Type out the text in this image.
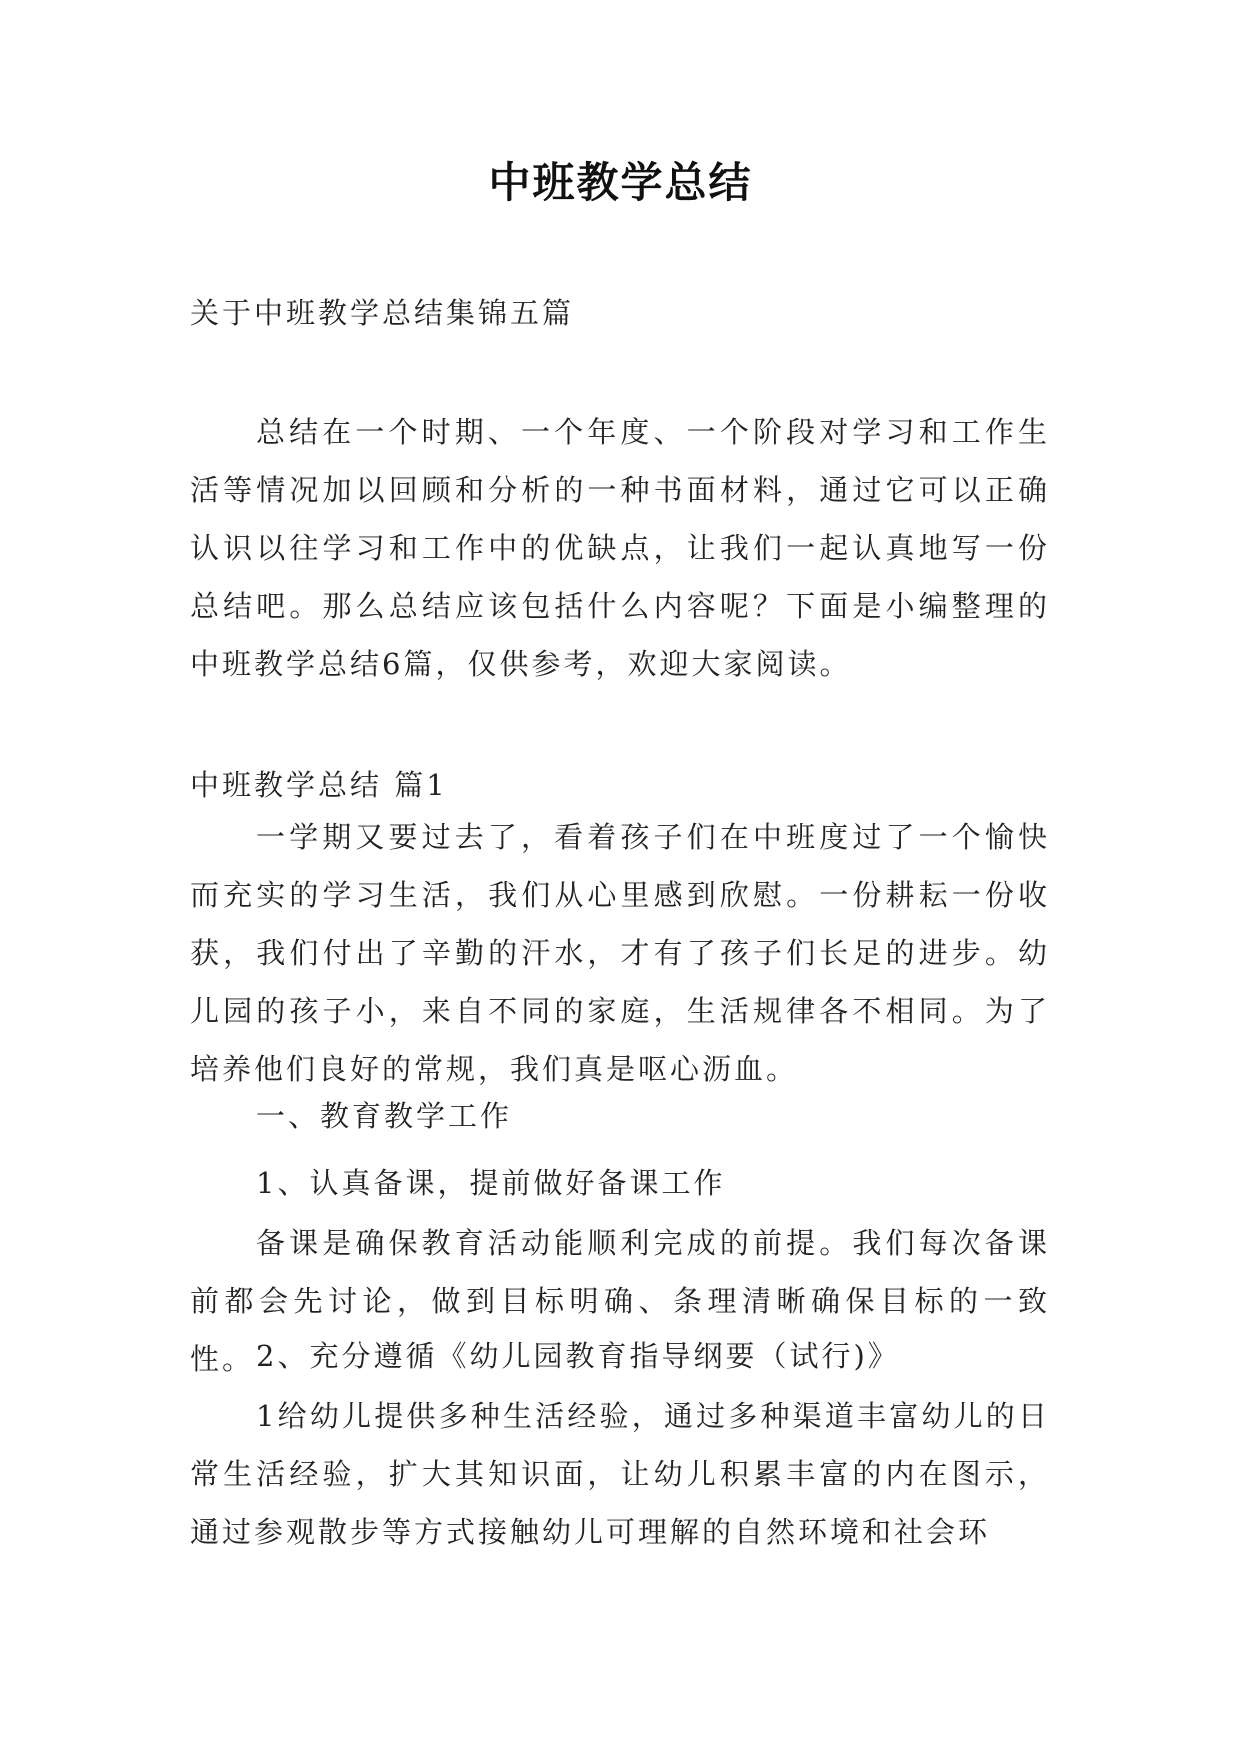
中班教学总结

关于中班教学总结集锦五篇

总结在一个时期、一个年度、一个阶段对学习和工作生活等情况加以回顾和分析的一种书面材料，通过它可以正确认识以往学习和工作中的优缺点，让我们一起认真地写一份总结吧。那么总结应该包括什么内容呢？下面是小编整理的中班教学总结6篇，仅供参考，欢迎大家阅读。

中班教学总结 篇1

一学期又要过去了，看着孩子们在中班度过了一个愉快而充实的学习生活，我们从心里感到欣慰。一份耕耘一份收获，我们付出了辛勤的汗水，才有了孩子们长足的进步。幼儿园的孩子小，来自不同的家庭，生活规律各不相同。为了培养他们良好的常规，我们真是呕心沥血。

一、教育教学工作

1、认真备课，提前做好备课工作

备课是确保教育活动能顺利完成的前提。我们每次备课前都会先讨论，做到目标明确、条理清晰确保目标的一致性。 2、充分遵循《幼儿园教育指导纲要（试行)》

1给幼儿提供多种生活经验，通过多种渠道丰富幼儿的日常生活经验，扩大其知识面，让幼儿积累丰富的内在图示，通过参观散步等方式接触幼儿可理解的自然环境和社会环
